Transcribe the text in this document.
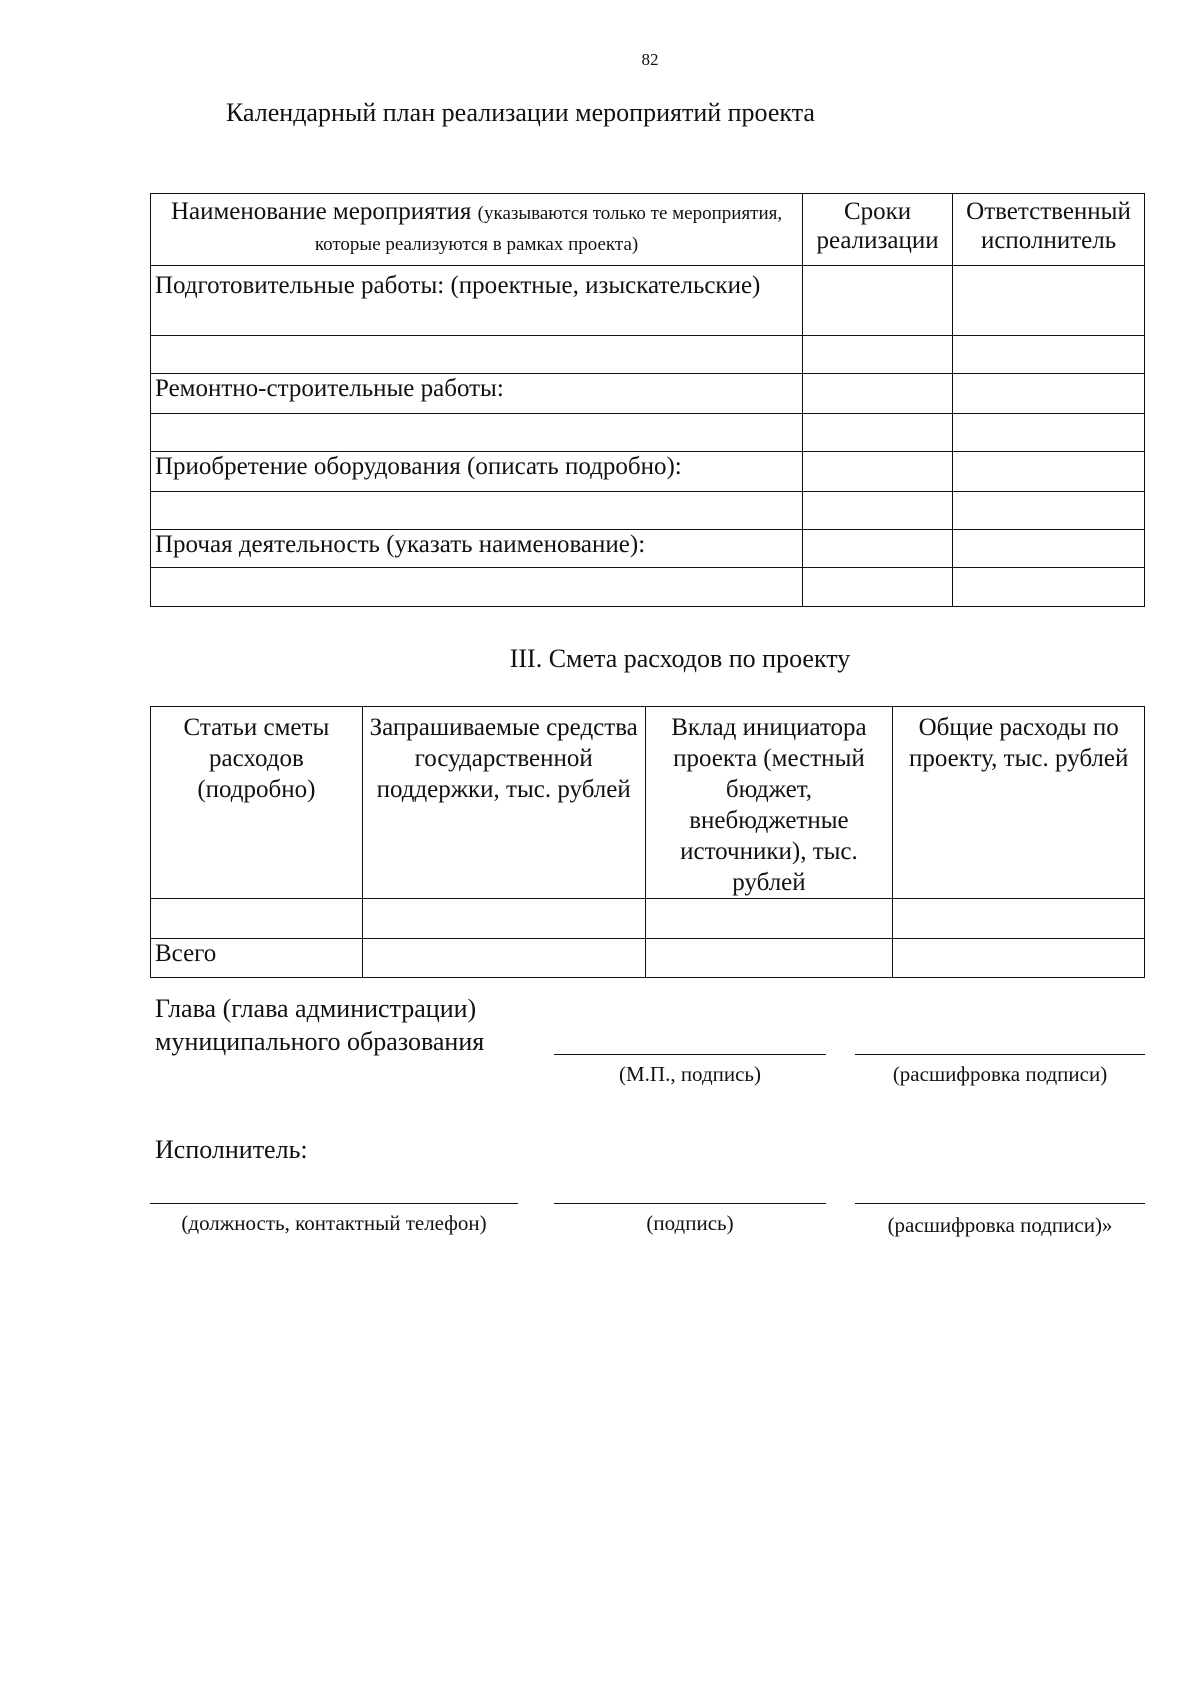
82
Календарный план реализации мероприятий проекта
Наименование мероприятия (указываются только те мероприятия, которые реализуются в рамках проекта)	Сроки реализации	Ответственный исполнитель
Подготовительные работы: (проектные, изыскательские)		

Ремонтно-строительные работы:		

Приобретение оборудования (описать подробно):		

Прочая деятельность (указать наименование):		

III. Смета расходов по проекту
Статьи сметы расходов (подробно)	Запрашиваемые средства государственной поддержки, тыс. рублей	Вклад инициатора проекта (местный бюджет, внебюджетные источники), тыс. рублей	Общие расходы по проекту, тыс. рублей

Всего			
Глава (глава администрации) муниципального образования
(М.П., подпись)	(расшифровка подписи)
Исполнитель:
(должность, контактный телефон)	(подпись)	(расшифровка подписи)»
